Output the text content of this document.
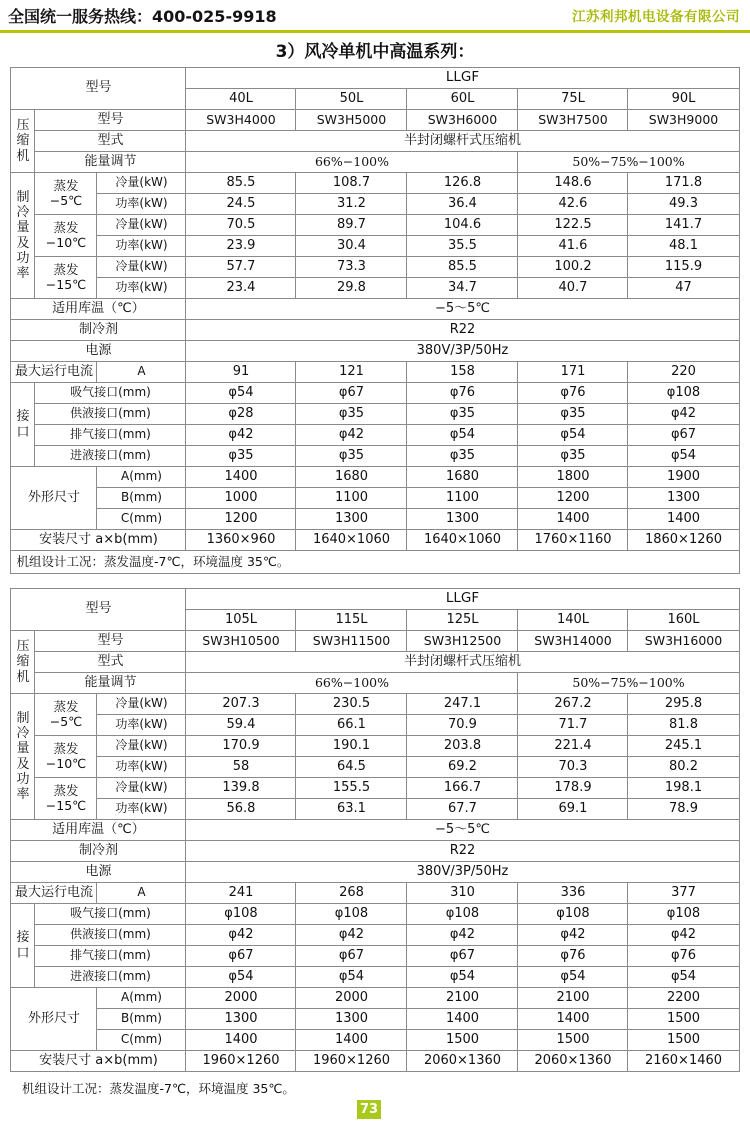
全国统一服务热线：400-025-9918	江苏利邦机电设备有限公司
3）风冷单机中高温系列：
型号			LLGF				
			40L	50L	60L	75L	90L
压缩机	型号		SW3H4000	SW3H5000	SW3H6000	SW3H7500	SW3H9000
	型式		半封闭螺杆式压缩机				
	能量调节		66%−100%			50%−75%−100%	
制冷量及功率	蒸发 −5℃	冷量(kW)	85.5	108.7	126.8	148.6	171.8
		功率(kW)	24.5	31.2	36.4	42.6	49.3
	蒸发 −10℃	冷量(kW)	70.5	89.7	104.6	122.5	141.7
		功率(kW)	23.9	30.4	35.5	41.6	48.1
	蒸发 −15℃	冷量(kW)	57.7	73.3	85.5	100.2	115.9
		功率(kW)	23.4	29.8	34.7	40.7	47
适用库温（℃）			−5～5℃				
制冷剂			R22				
电源			380V/3P/50Hz				
最大运行电流		A	91	121	158	171	220
接口	吸气接口(mm)		φ54	φ67	φ76	φ76	φ108
	供液接口(mm)		φ28	φ35	φ35	φ35	φ42
	排气接口(mm)		φ42	φ42	φ54	φ54	φ67
	进液接口(mm)		φ35	φ35	φ35	φ35	φ54
外形尺寸		A(mm)	1400	1680	1680	1800	1900
		B(mm)	1000	1100	1100	1200	1300
		C(mm)	1200	1300	1300	1400	1400
安装尺寸 a×b(mm)			1360×960	1640×1060	1640×1060	1760×1160	1860×1260
机组设计工况：蒸发温度-7℃，环境温度 35℃。							
型号			LLGF				
			105L	115L	125L	140L	160L
压缩机	型号		SW3H10500	SW3H11500	SW3H12500	SW3H14000	SW3H16000
	型式		半封闭螺杆式压缩机				
	能量调节		66%−100%			50%−75%−100%	
制冷量及功率	蒸发 −5℃	冷量(kW)	207.3	230.5	247.1	267.2	295.8
		功率(kW)	59.4	66.1	70.9	71.7	81.8
	蒸发 −10℃	冷量(kW)	170.9	190.1	203.8	221.4	245.1
		功率(kW)	58	64.5	69.2	70.3	80.2
	蒸发 −15℃	冷量(kW)	139.8	155.5	166.7	178.9	198.1
		功率(kW)	56.8	63.1	67.7	69.1	78.9
适用库温（℃）			−5～5℃				
制冷剂			R22				
电源			380V/3P/50Hz				
最大运行电流		A	241	268	310	336	377
接口	吸气接口(mm)		φ108	φ108	φ108	φ108	φ108
	供液接口(mm)		φ42	φ42	φ42	φ42	φ42
	排气接口(mm)		φ67	φ67	φ67	φ76	φ76
	进液接口(mm)		φ54	φ54	φ54	φ54	φ54
外形尺寸		A(mm)	2000	2000	2100	2100	2200
		B(mm)	1300	1300	1400	1400	1500
		C(mm)	1400	1400	1500	1500	1500
安装尺寸 a×b(mm)			1960×1260	1960×1260	2060×1360	2060×1360	2160×1460
机组设计工况：蒸发温度-7℃，环境温度 35℃。
73
